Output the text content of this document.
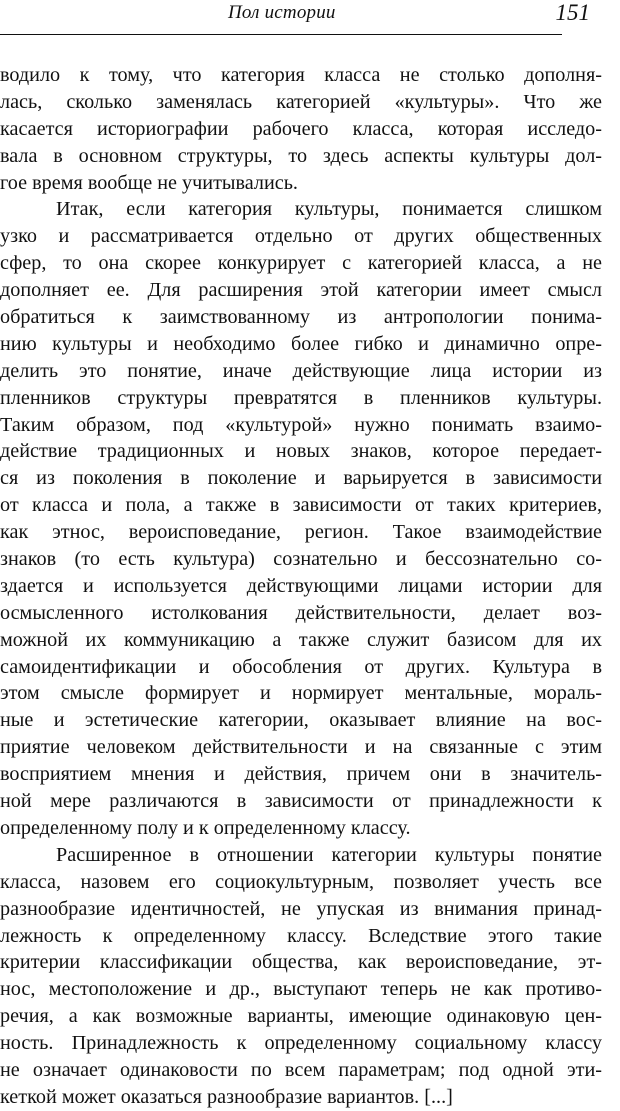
Пол истории	151
водило к тому, что категория класса не столько дополня-
лась, сколько заменялась категорией «культуры». Что же
касается историографии рабочего класса, которая исследо-
вала в основном структуры, то здесь аспекты культуры дол-
гое время вообще не учитывались.
Итак, если категория культуры, понимается слишком
узко и рассматривается отдельно от других общественных
сфер, то она скорее конкурирует с категорией класса, а не
дополняет ее. Для расширения этой категории имеет смысл
обратиться к заимствованному из антропологии понима-
нию культуры и необходимо более гибко и динамично опре-
делить это понятие, иначе действующие лица истории из
пленников структуры превратятся в пленников культуры.
Таким образом, под «культурой» нужно понимать взаимо-
действие традиционных и новых знаков, которое передает-
ся из поколения в поколение и варьируется в зависимости
от класса и пола, а также в зависимости от таких критериев,
как этнос, вероисповедание, регион. Такое взаимодействие
знаков (то есть культура) сознательно и бессознательно со-
здается и используется действующими лицами истории для
осмысленного истолкования действительности, делает воз-
можной их коммуникацию а также служит базисом для их
самоидентификации и обособления от других. Культура в
этом смысле формирует и нормирует ментальные, мораль-
ные и эстетические категории, оказывает влияние на вос-
приятие человеком действительности и на связанные с этим
восприятием мнения и действия, причем они в значитель-
ной мере различаются в зависимости от принадлежности к
определенному полу и к определенному классу.
Расширенное в отношении категории культуры понятие
класса, назовем его социокультурным, позволяет учесть все
разнообразие идентичностей, не упуская из внимания принад-
лежность к определенному классу. Вследствие этого такие
критерии классификации общества, как вероисповедание, эт-
нос, местоположение и др., выступают теперь не как противо-
речия, а как возможные варианты, имеющие одинаковую цен-
ность. Принадлежность к определенному социальному классу
не означает одинаковости по всем параметрам; под одной эти-
кеткой может оказаться разнообразие вариантов. [...]
